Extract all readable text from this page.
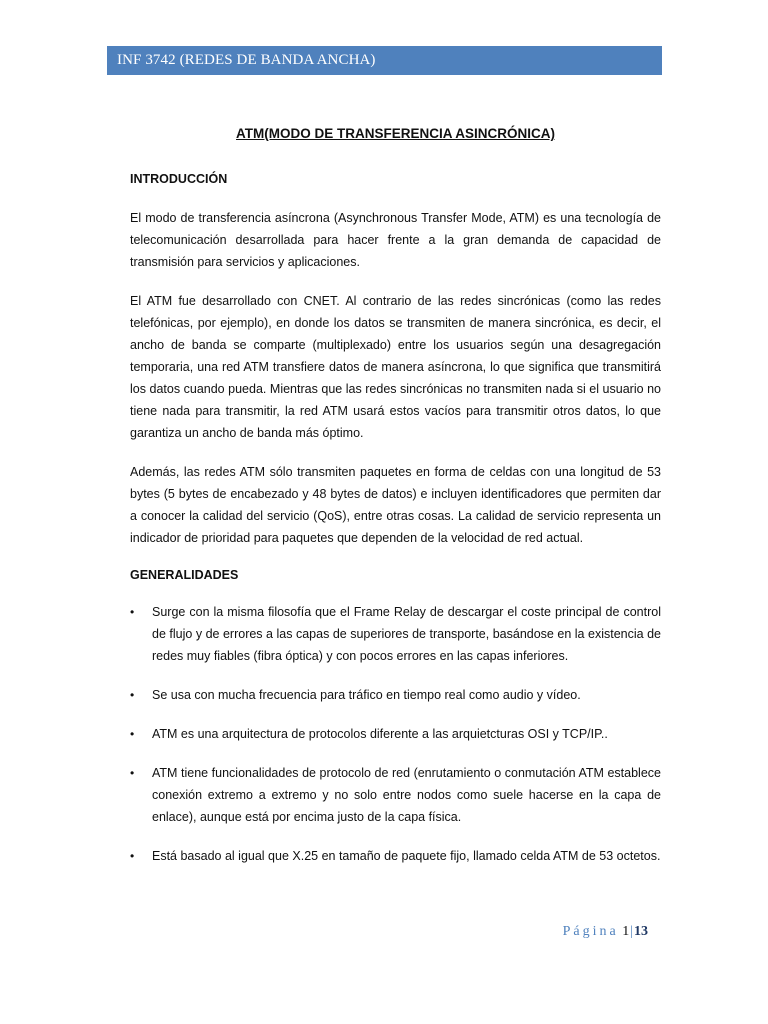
INF 3742 (REDES DE BANDA ANCHA)

ATM(MODO DE TRANSFERENCIA ASINCRÓNICA)

INTRODUCCIÓN

El modo de transferencia asíncrona (Asynchronous Transfer Mode, ATM) es una tecnología de telecomunicación desarrollada para hacer frente a la gran demanda de capacidad de transmisión para servicios y aplicaciones.

El ATM fue desarrollado con CNET. Al contrario de las redes sincrónicas (como las redes telefónicas, por ejemplo), en donde los datos se transmiten de manera sincrónica, es decir, el ancho de banda se comparte (multiplexado) entre los usuarios según una desagregación temporaria, una red ATM transfiere datos de manera asíncrona, lo que significa que transmitirá los datos cuando pueda. Mientras que las redes sincrónicas no transmiten nada si el usuario no tiene nada para transmitir, la red ATM usará estos vacíos para transmitir otros datos, lo que garantiza un ancho de banda más óptimo.

Además, las redes ATM sólo transmiten paquetes en forma de celdas con una longitud de 53 bytes (5 bytes de encabezado y 48 bytes de datos) e incluyen identificadores que permiten dar a conocer la calidad del servicio (QoS), entre otras cosas. La calidad de servicio representa un indicador de prioridad para paquetes que dependen de la velocidad de red actual.

GENERALIDADES

• Surge con la misma filosofía que el Frame Relay de descargar el coste principal de control de flujo y de errores a las capas de superiores de transporte, basándose en la existencia de redes muy fiables (fibra óptica) y con pocos errores en las capas inferiores.
• Se usa con mucha frecuencia para tráfico en tiempo real como audio y vídeo.
• ATM es una arquitectura de protocolos diferente a las arquietcturas OSI y TCP/IP..
• ATM tiene funcionalidades de protocolo de red (enrutamiento o conmutación ATM establece conexión extremo a extremo y no solo entre nodos como suele hacerse en la capa de enlace), aunque está por encima justo de la capa física.
• Está basado al igual que X.25 en tamaño de paquete fijo, llamado celda ATM de 53 octetos.
Página 1|13
